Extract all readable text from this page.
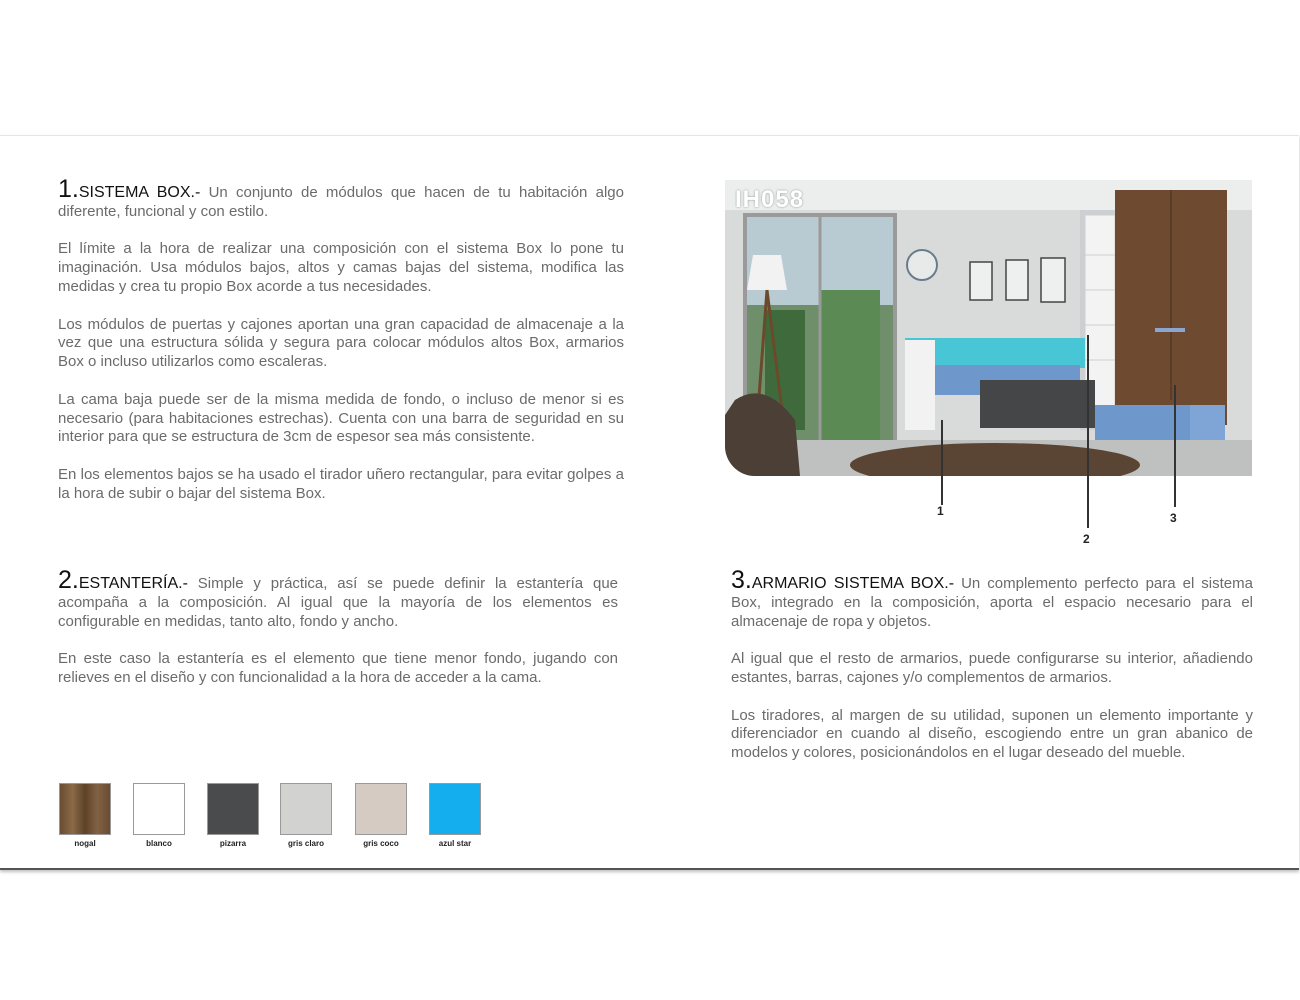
1.SISTEMA BOX.- Un conjunto de módulos que hacen de tu habitación algo diferente, funcional y con estilo.

El límite a la hora de realizar una composición con el sistema Box lo pone tu imaginación. Usa módulos bajos, altos y camas bajas del sistema, modifica las medidas y crea tu propio Box acorde a tus necesidades.

Los módulos de puertas y cajones aportan una gran capacidad de almacenaje a la vez que una estructura sólida y segura para colocar módulos altos Box, armarios Box o incluso utilizarlos como escaleras.

La cama baja puede ser de la misma medida de fondo, o incluso de menor si es necesario (para habitaciones estrechas). Cuenta con una barra de seguridad en su interior para que se estructura de 3cm de espesor sea más consistente.

En los elementos bajos se ha usado el tirador uñero rectangular, para evitar golpes a la hora de subir o bajar del sistema Box.

2.ESTANTERÍA.- Simple y práctica, así se puede definir la estantería que acompaña a la composición. Al igual que la mayoría de los elementos es configurable en medidas, tanto alto, fondo y ancho.

En este caso la estantería es el elemento que tiene menor fondo, jugando con relieves en el diseño y con funcionalidad a la hora de acceder a la cama.

3.ARMARIO SISTEMA BOX.- Un complemento perfecto para el sistema Box, integrado en la composición, aporta el espacio necesario para el almacenaje de ropa y objetos.

Al igual que el resto de armarios, puede configurarse su interior, añadiendo estantes, barras, cajones y/o complementos de armarios.

Los tiradores, al margen de su utilidad, suponen un elemento importante y diferenciador en cuando al diseño, escogiendo entre un gran abanico de modelos y colores, posicionándolos en el lugar deseado del mueble.

IH058
1
2
3
nogal	blanco	pizarra	gris claro	gris coco	azul star
